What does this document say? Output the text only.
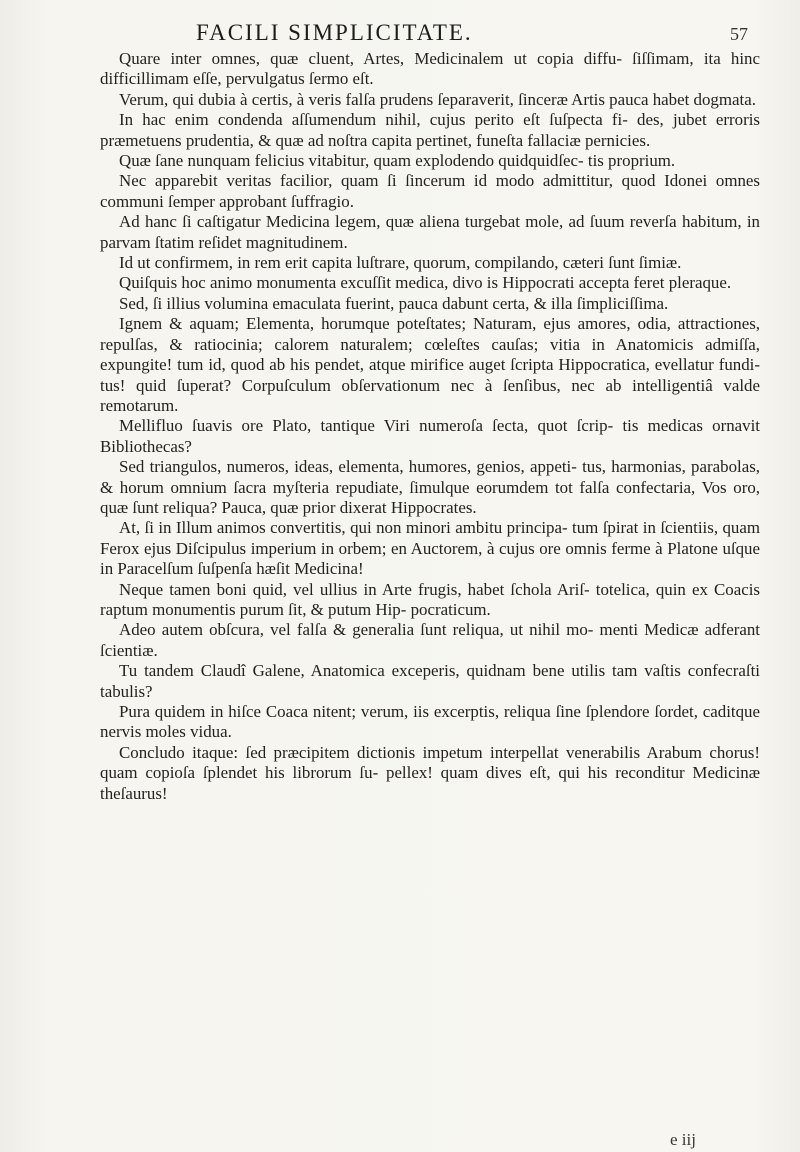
FACILI SIMPLICITATE.	57

Quare inter omnes, quæ cluent, Artes, Medicinalem ut copia diffu- ſiſſimam, ita hinc difficillimam eſſe, pervulgatus ſermo eſt.

Verum, qui dubia à certis, à veris falſa prudens ſeparaverit, ſinceræ Artis pauca habet dogmata.

In hac enim condenda aſſumendum nihil, cujus perito eſt ſuſpecta fi- des, jubet erroris præmetuens prudentia, & quæ ad noſtra capita pertinet, funeſta fallaciæ pernicies.

Quæ ſane nunquam felicius vitabitur, quam explodendo quidquidſec- tis proprium.

Nec apparebit veritas facilior, quam ſi ſincerum id modo admittitur, quod Idonei omnes communi ſemper approbant ſuffragio.

Ad hanc ſi caſtigatur Medicina legem, quæ aliena turgebat mole, ad ſuum reverſa habitum, in parvam ſtatim reſidet magnitudinem.

Id ut confirmem, in rem erit capita luſtrare, quorum, compilando, cæteri ſunt ſimiæ.

Quiſquis hoc animo monumenta excuſſit medica, divo is Hippocrati accepta feret pleraque.

Sed, ſi illius volumina emaculata fuerint, pauca dabunt certa, & illa ſimpliciſſima.

Ignem & aquam; Elementa, horumque poteſtates; Naturam, ejus amores, odia, attractiones, repulſas, & ratiocinia; calorem naturalem; cœleſtes cauſas; vitia in Anatomicis admiſſa, expungite! tum id, quod ab his pendet, atque mirifice auget ſcripta Hippocratica, evellatur fundi- tus! quid ſuperat? Corpuſculum obſervationum nec à ſenſibus, nec ab intelligentiâ valde remotarum.

Mellifluo ſuavis ore Plato, tantique Viri numeroſa ſecta, quot ſcrip- tis medicas ornavit Bibliothecas?

Sed triangulos, numeros, ideas, elementa, humores, genios, appeti- tus, harmonias, parabolas, & horum omnium ſacra myſteria repudiate, ſimulque eorumdem tot falſa confectaria, Vos oro, quæ ſunt reliqua? Pauca, quæ prior dixerat Hippocrates.

At, ſi in Illum animos convertitis, qui non minori ambitu principa- tum ſpirat in ſcientiis, quam Ferox ejus Diſcipulus imperium in orbem; en Auctorem, à cujus ore omnis ferme à Platone uſque in Paracelſum ſuſpenſa hæſit Medicina!

Neque tamen boni quid, vel ullius in Arte frugis, habet ſchola Ariſ- totelica, quin ex Coacis raptum monumentis purum ſit, & putum Hip- pocraticum.

Adeo autem obſcura, vel falſa & generalia ſunt reliqua, ut nihil mo- menti Medicæ adferant ſcientiæ.

Tu tandem Claudî Galene, Anatomica exceperis, quidnam bene utilis tam vaſtis confecraſti tabulis?

Pura quidem in hiſce Coaca nitent; verum, iis excerptis, reliqua ſine ſplendore ſordet, caditque nervis moles vidua.

Concludo itaque: ſed præcipitem dictionis impetum interpellat venerabilis Arabum chorus! quam copioſa ſplendet his librorum ſu- pellex! quam dives eſt, qui his reconditur Medicinæ theſaurus!

e iij
